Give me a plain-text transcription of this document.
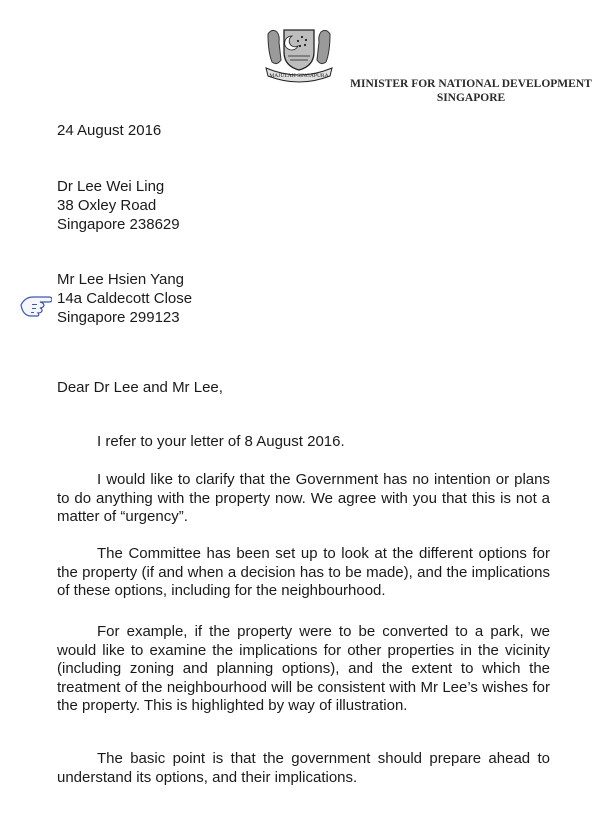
MAJULAH SINGAPURA
MINISTER FOR NATIONAL DEVELOPMENT
SINGAPORE
24 August 2016
Dr Lee Wei Ling
38 Oxley Road
Singapore 238629
Mr Lee Hsien Yang
14a Caldecott Close
Singapore 299123
Dear Dr Lee and Mr Lee,
I refer to your letter of 8 August 2016.
I would like to clarify that the Government has no intention or plans to do anything with the property now. We agree with you that this is not a matter of “urgency”.
The Committee has been set up to look at the different options for the property (if and when a decision has to be made), and the implications of these options, including for the neighbourhood.
For example, if the property were to be converted to a park, we would like to examine the implications for other properties in the vicinity (including zoning and planning options), and the extent to which the treatment of the neighbourhood will be consistent with Mr Lee’s wishes for the property. This is highlighted by way of illustration.
The basic point is that the government should prepare ahead to understand its options, and their implications.
